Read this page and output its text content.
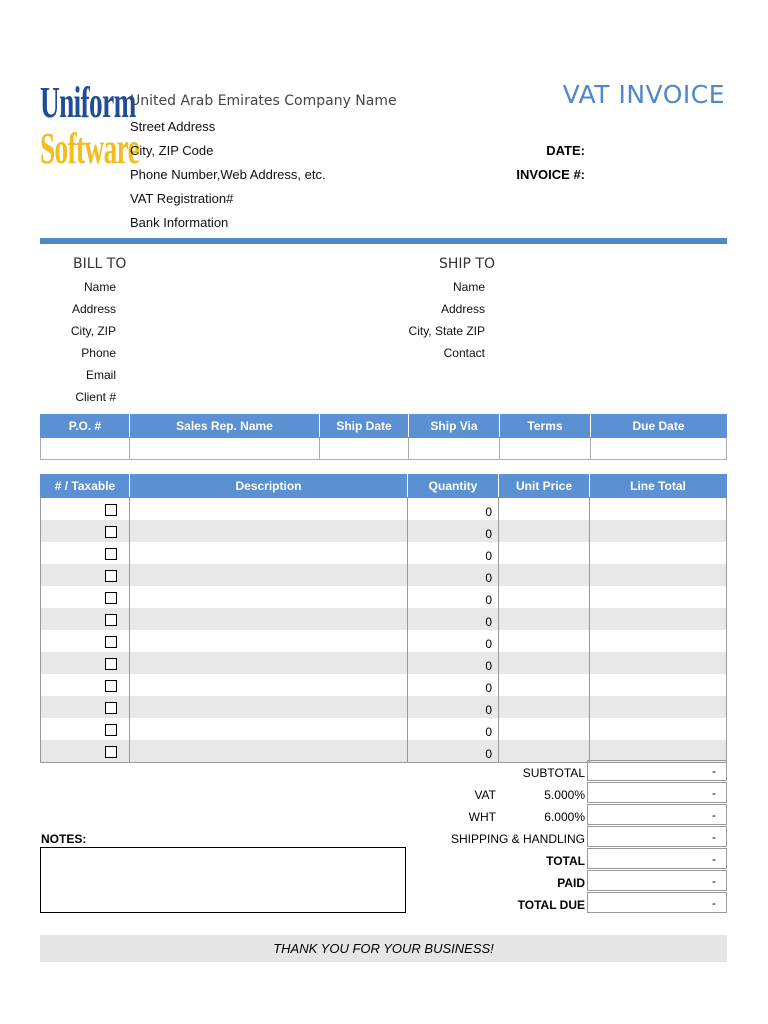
Uniform
Software
United Arab Emirates Company Name
Street Address
City, ZIP Code
Phone Number,Web Address, etc.
VAT Registration#
Bank Information
VAT INVOICE
DATE:
INVOICE #:
BILL TO	SHIP TO
Name
Address
City, ZIP
Phone
Email
Client #
Name
Address
City, State ZIP
Contact
P.O. #	Sales Rep. Name	Ship Date	Ship Via	Terms	Due Date

# / Taxable	Description	Quantity	Unit Price	Line Total
		0		
		0		
		0		
		0		
		0		
		0		
		0		
		0		
		0		
		0		
		0		
		0		
SUBTOTAL	-
VAT	5.000%	-
WHT	6.000%	-
SHIPPING & HANDLING	-
TOTAL	-
PAID	-
TOTAL DUE	-
NOTES:
THANK YOU FOR YOUR BUSINESS!
